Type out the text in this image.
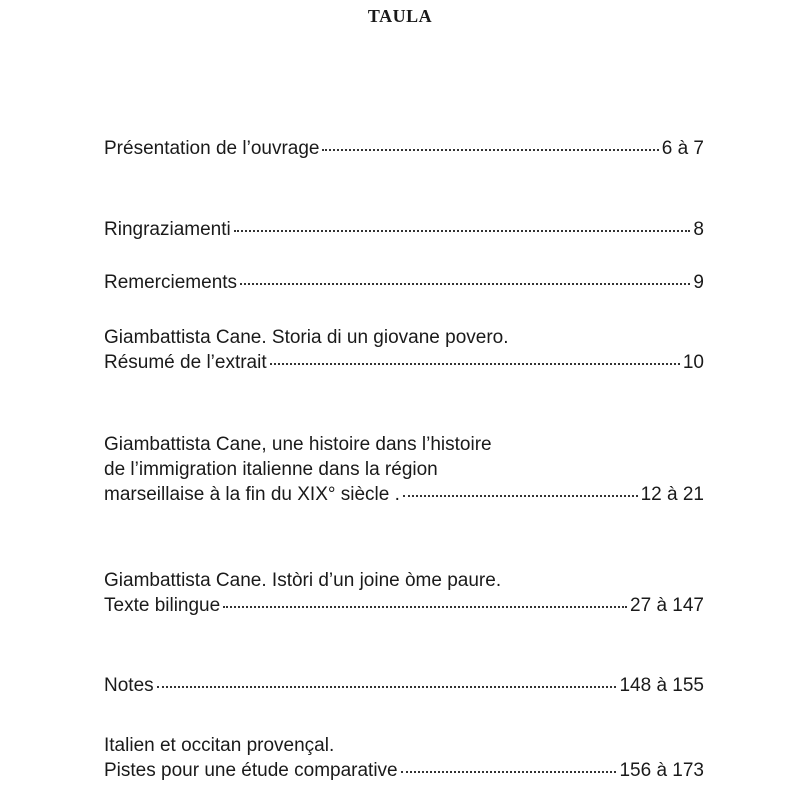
TAULA
Présentation de l’ouvrage	6 à 7
Ringraziamenti	8
Remerciements	9
Giambattista Cane. Storia di un giovane povero.
Résumé de l’extrait	10
Giambattista Cane, une histoire dans l’histoire
de l’immigration italienne dans la région
marseillaise à la fin du XIX° siècle .	12 à 21
Giambattista Cane. Istòri d’un joine òme paure.
Texte bilingue	27 à 147
Notes	148 à 155
Italien et occitan provençal.
Pistes pour une étude comparative	156 à 173
